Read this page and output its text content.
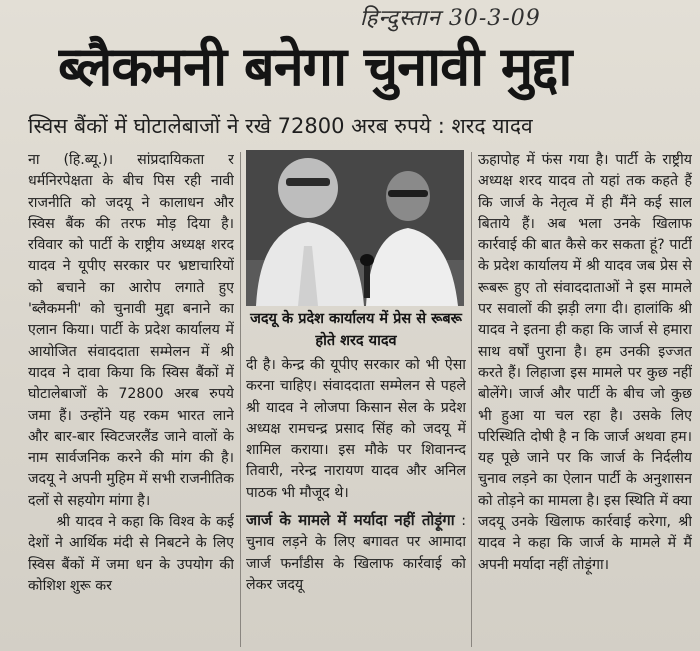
हिन्दुस्तान 30-3-09
ब्लैकमनी बनेगा चुनावी मुद्दा
स्विस बैंकों में घोटालेबाजों ने रखे 72800 अरब रुपये : शरद यादव

ना (हि.ब्यू.)। सांप्रदायिकता र धर्मनिरपेक्षता के बीच पिस रही नावी राजनीति को जदयू ने कालाधन और स्विस बैंक की तरफ मोड़ दिया है। रविवार को पार्टी के राष्ट्रीय अध्यक्ष शरद यादव ने यूपीए सरकार पर भ्रष्टाचारियों को बचाने का आरोप लगाते हुए 'ब्लैकमनी' को चुनावी मुद्दा बनाने का एलान किया। पार्टी के प्रदेश कार्यालय में आयोजित संवाददाता सम्मेलन में श्री यादव ने दावा किया कि स्विस बैंकों में घोटालेबाजों के 72800 अरब रुपये जमा हैं। उन्होंने यह रकम भारत लाने और बार-बार स्विटजरलैंड जाने वालों के नाम सार्वजनिक करने की मांग की है। जदयू ने अपनी मुहिम में सभी राजनीतिक दलों से सहयोग मांगा है।

श्री यादव ने कहा कि विश्व के कई देशों ने आर्थिक मंदी से निबटने के लिए स्विस बैंकों में जमा धन के उपयोग की कोशिश शुरू कर

जदयू के प्रदेश कार्यालय में प्रेस से रूबरू होते शरद यादव

दी है। केन्द्र की यूपीए सरकार को भी ऐसा करना चाहिए। संवाददाता सम्मेलन से पहले श्री यादव ने लोजपा किसान सेल के प्रदेश अध्यक्ष रामचन्द्र प्रसाद सिंह को जदयू में शामिल कराया। इस मौके पर शिवानन्द तिवारी, नरेन्द्र नारायण यादव और अनिल पाठक भी मौजूद थे।

जार्ज के मामले में मर्यादा नहीं तोड़ूंगा : चुनाव लड़ने के लिए बगावत पर आमादा जार्ज फर्नांडीस के खिलाफ कार्रवाई को लेकर जदयू

ऊहापोह में फंस गया है। पार्टी के राष्ट्रीय अध्यक्ष शरद यादव तो यहां तक कहते हैं कि जार्ज के नेतृत्व में ही मैंने कई साल बिताये हैं। अब भला उनके खिलाफ कार्रवाई की बात कैसे कर सकता हूं? पार्टी के प्रदेश कार्यालय में श्री यादव जब प्रेस से रूबरू हुए तो संवाददाताओं ने इस मामले पर सवालों की झड़ी लगा दी। हालांकि श्री यादव ने इतना ही कहा कि जार्ज से हमारा साथ वर्षों पुराना है। हम उनकी इज्जत करते हैं। लिहाजा इस मामले पर कुछ नहीं बोलेंगे। जार्ज और पार्टी के बीच जो कुछ भी हुआ या चल रहा है। उसके लिए परिस्थिति दोषी है न कि जार्ज अथवा हम। यह पूछे जाने पर कि जार्ज के निर्दलीय चुनाव लड़ने का ऐलान पार्टी के अनुशासन को तोड़ने का मामला है। इस स्थिति में क्या जदयू उनके खिलाफ कार्रवाई करेगा, श्री यादव ने कहा कि जार्ज के मामले में मैं अपनी मर्यादा नहीं तोड़ूंगा।
